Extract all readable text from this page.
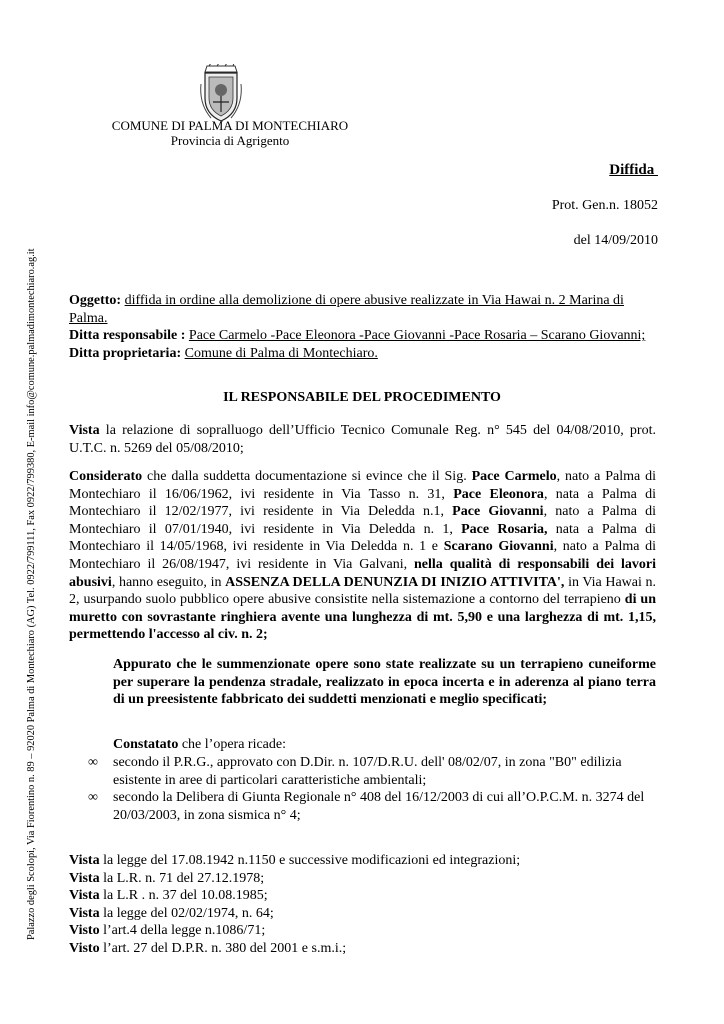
COMUNE DI PALMA DI MONTECHIARO
Provincia di Agrigento
Palazzo degli Scolopi, Via Fiorentino n. 89 – 92020 Palma di Montechiaro (AG) Tel. 0922/799111, Fax 0922/799380, E-mail info@comune.palmadimontechiaro.ag.it
Diffida
Prot. Gen.n. 18052
del 14/09/2010

Oggetto: diffida in ordine alla demolizione di opere abusive realizzate in Via Hawai n. 2 Marina di Palma.

Ditta responsabile : Pace Carmelo -Pace Eleonora -Pace Giovanni -Pace Rosaria – Scarano Giovanni;

Ditta proprietaria: Comune di Palma di Montechiaro.

IL RESPONSABILE DEL PROCEDIMENTO

Vista la relazione di sopralluogo dell’Ufficio Tecnico Comunale Reg. n° 545 del 04/08/2010, prot. U.T.C. n. 5269 del 05/08/2010;

Considerato che dalla suddetta documentazione si evince che il Sig. Pace Carmelo, nato a Palma di Montechiaro il 16/06/1962, ivi residente in Via Tasso n. 31, Pace Eleonora, nata a Palma di Montechiaro il 12/02/1977, ivi residente in Via Deledda n.1, Pace Giovanni, nato a Palma di Montechiaro il 07/01/1940, ivi residente in Via Deledda n. 1, Pace Rosaria, nata a Palma di Montechiaro il 14/05/1968, ivi residente in Via Deledda n. 1 e Scarano Giovanni, nato a Palma di Montechiaro il 26/08/1947, ivi residente in Via Galvani, nella qualità di responsabili dei lavori abusivi, hanno eseguito, in ASSENZA DELLA DENUNZIA DI INIZIO ATTIVITA', in Via Hawai n. 2, usurpando suolo pubblico opere abusive consistite nella sistemazione a contorno del terrapieno di un muretto con sovrastante ringhiera avente una lunghezza di mt. 5,90 e una larghezza di mt. 1,15, permettendo l'accesso al civ. n. 2;

Appurato che le summenzionate opere sono state realizzate su un terrapieno cuneiforme per superare la pendenza stradale, realizzato in epoca incerta e in aderenza al piano terra di un preesistente fabbricato dei suddetti menzionati e meglio specificati;
Constatato che l’opera ricade:

∞ secondo il P.R.G., approvato con D.Dir. n. 107/D.R.U. dell' 08/02/07, in zona "B0" edilizia esistente in aree di particolari caratteristiche ambientali;

∞ secondo la Delibera di Giunta Regionale n° 408 del 16/12/2003 di cui all’O.P.C.M. n. 3274 del 20/03/2003, in zona sismica n° 4;

Vista la legge del 17.08.1942 n.1150 e successive modificazioni ed integrazioni;

Vista la L.R. n. 71 del 27.12.1978;

Vista la L.R . n. 37 del 10.08.1985;

Vista la legge del 02/02/1974, n. 64;

Visto l’art.4 della legge n.1086/71;

Visto l’art. 27 del D.P.R. n. 380 del 2001 e s.m.i.;
